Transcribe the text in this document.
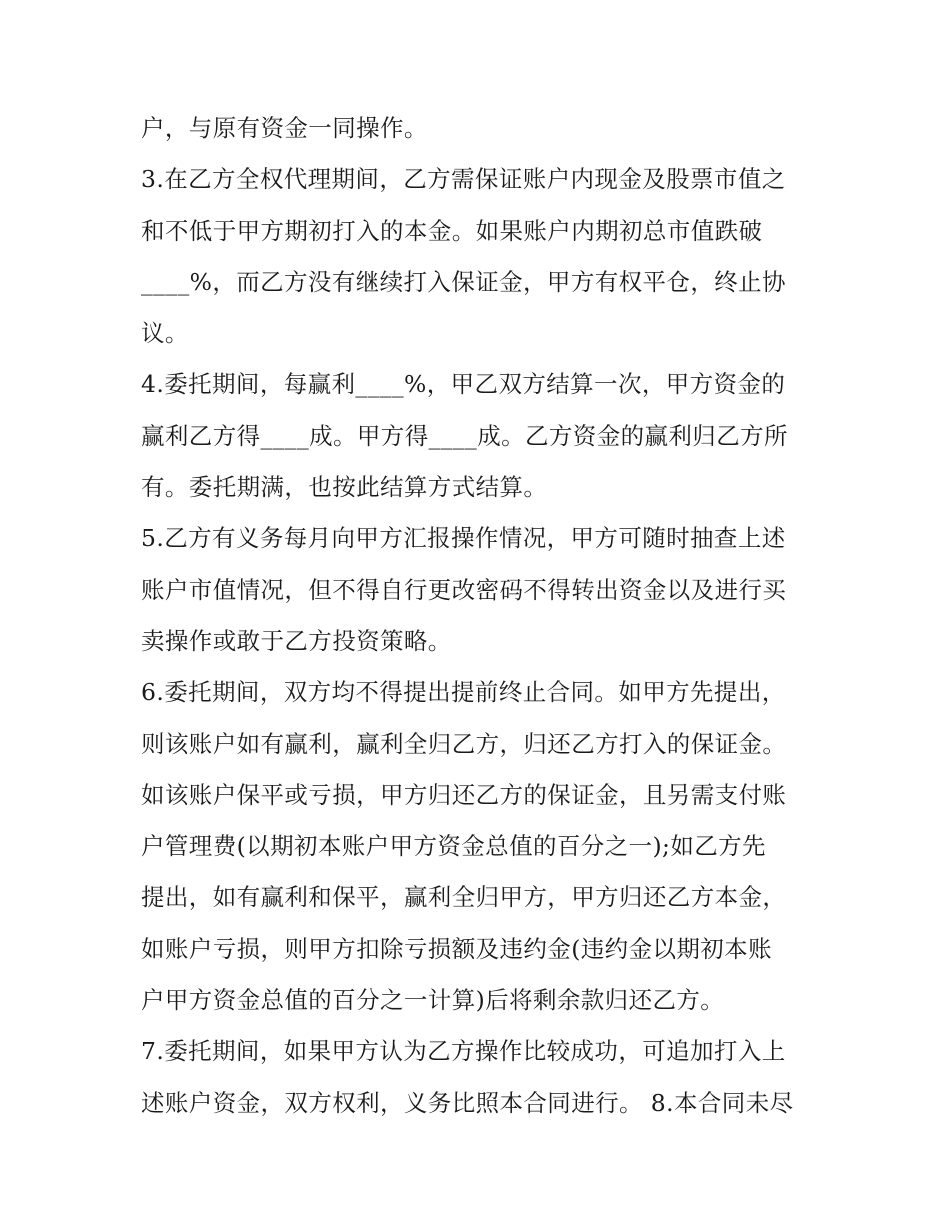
户，与原有资金一同操作。
3.在乙方全权代理期间，乙方需保证账户内现金及股票市值之
和不低于甲方期初打入的本金。如果账户内期初总市值跌破
____%，而乙方没有继续打入保证金，甲方有权平仓，终止协
议。
4.委托期间，每赢利____%，甲乙双方结算一次，甲方资金的
赢利乙方得____成。甲方得____成。乙方资金的赢利归乙方所
有。委托期满，也按此结算方式结算。
5.乙方有义务每月向甲方汇报操作情况，甲方可随时抽查上述
账户市值情况，但不得自行更改密码不得转出资金以及进行买
卖操作或敢于乙方投资策略。
6.委托期间，双方均不得提出提前终止合同。如甲方先提出，
则该账户如有赢利，赢利全归乙方，归还乙方打入的保证金。
如该账户保平或亏损，甲方归还乙方的保证金，且另需支付账
户管理费(以期初本账户甲方资金总值的百分之一);如乙方先
提出，如有赢利和保平，赢利全归甲方，甲方归还乙方本金，
如账户亏损，则甲方扣除亏损额及违约金(违约金以期初本账
户甲方资金总值的百分之一计算)后将剩余款归还乙方。
7.委托期间，如果甲方认为乙方操作比较成功，可追加打入上
述账户资金，双方权利，义务比照本合同进行。 8.本合同未尽
